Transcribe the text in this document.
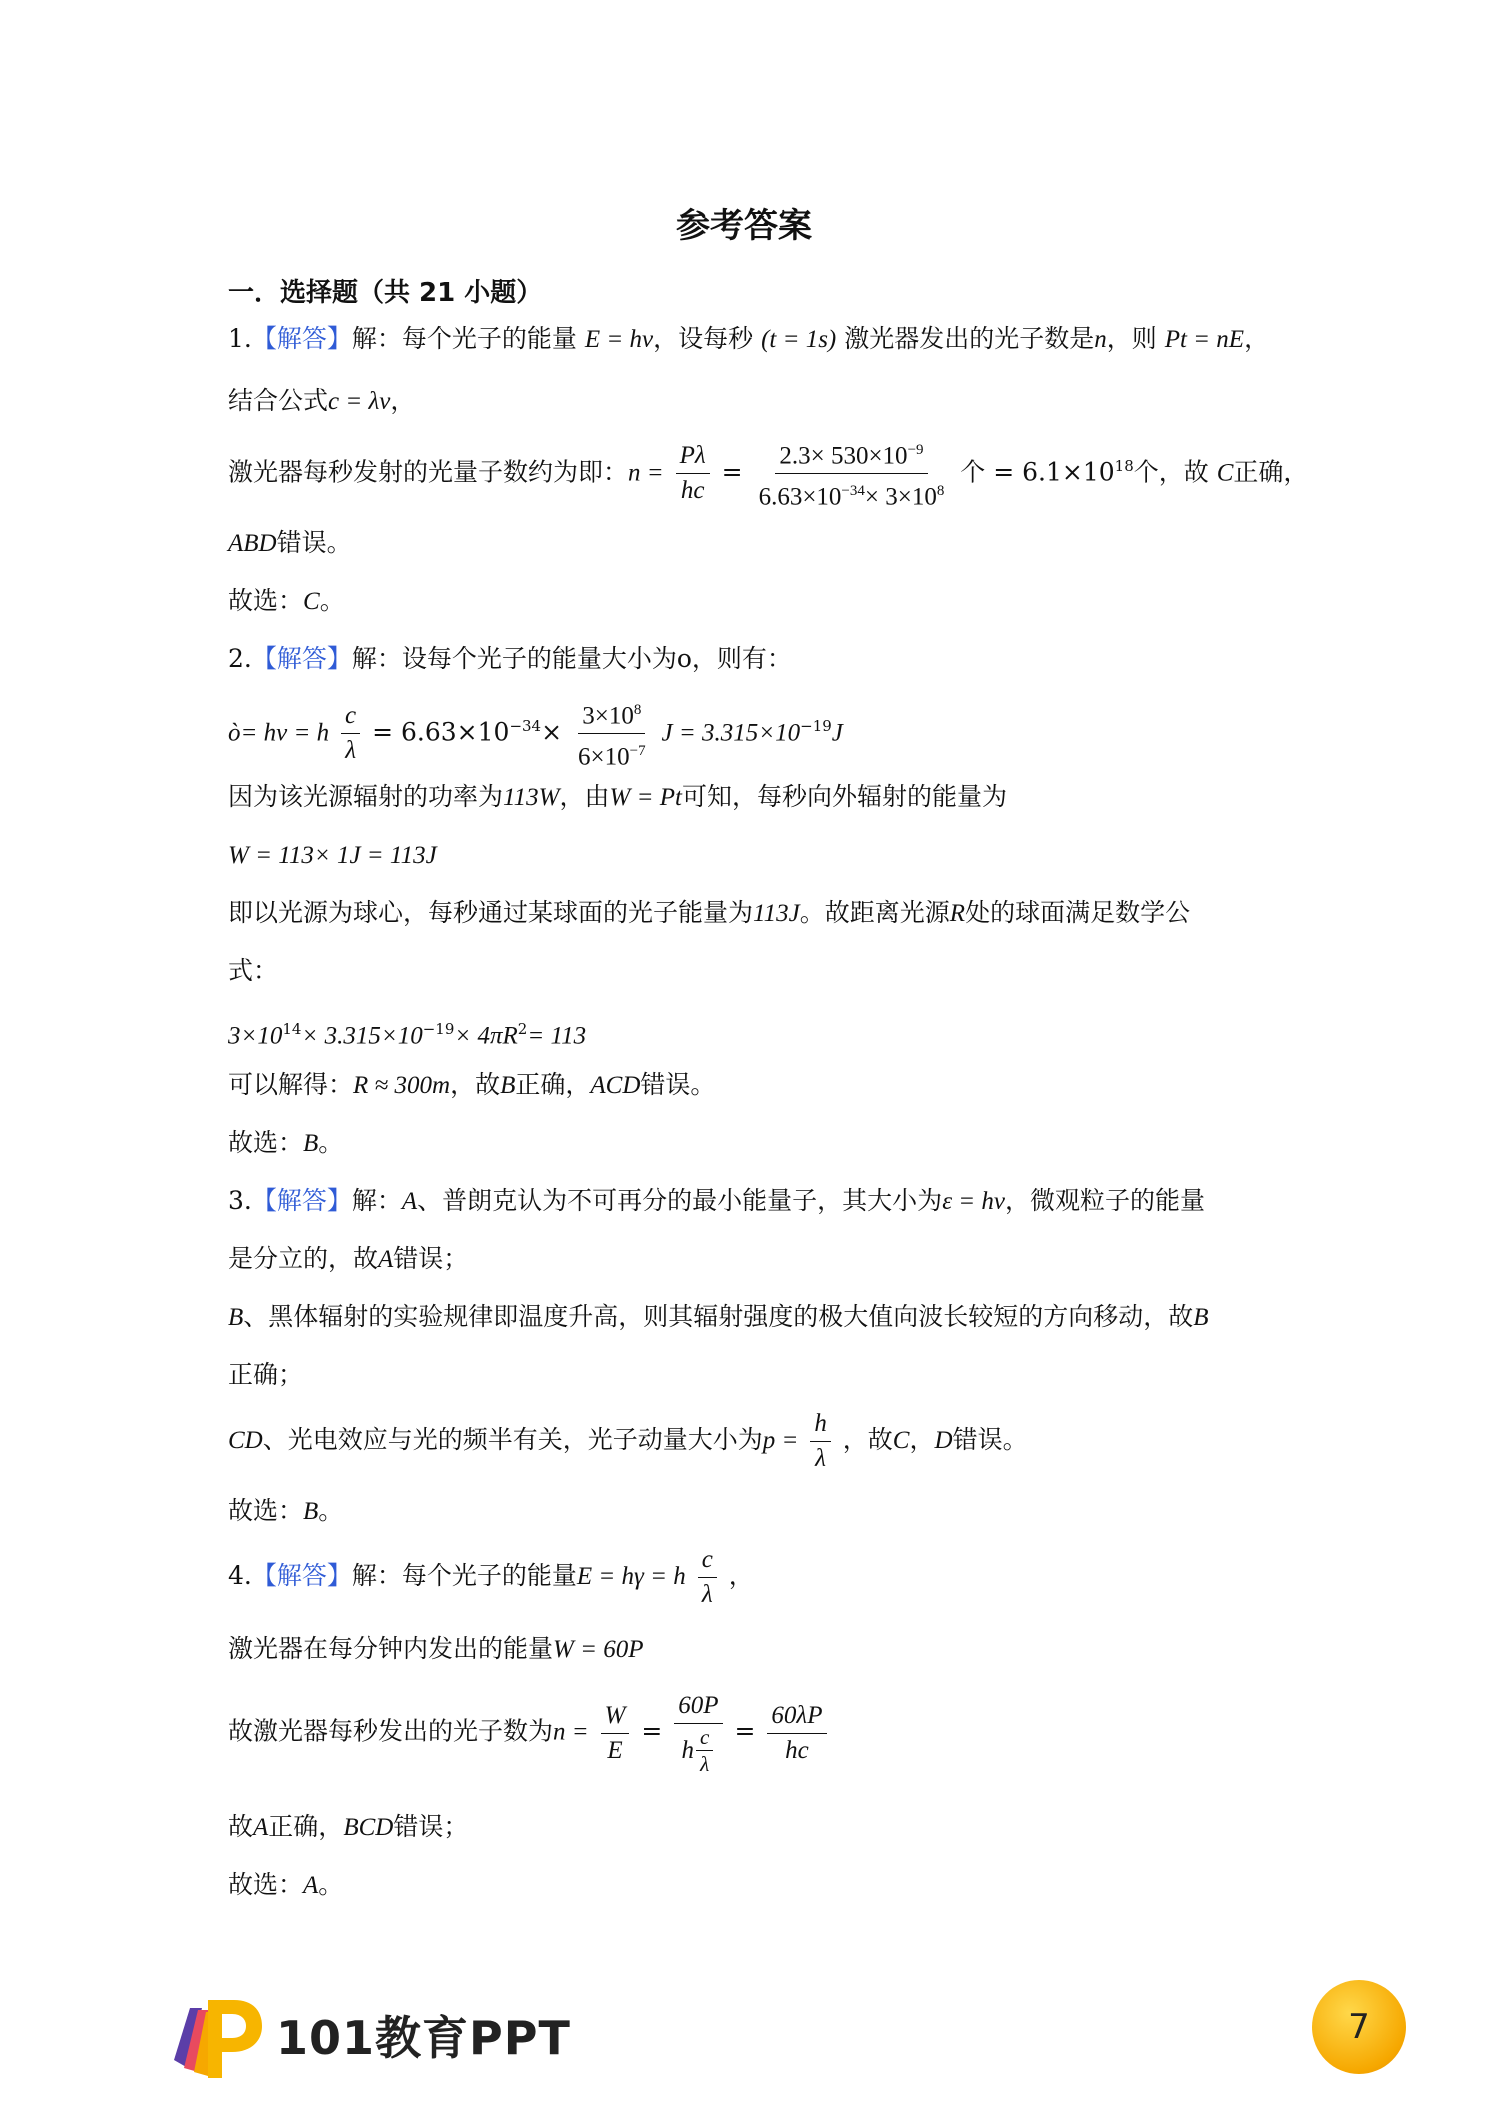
参考答案
一．选择题（共 21 小题）
1.【解答】解：每个光子的能量 E = hν，设每秒 (t = 1s) 激光器发出的光子数是n，则 Pt = nE，
结合公式c = λν，
激光器每秒发射的光量子数约为即：$n = \frac{P\lambda}{hc} = \frac{2.3\times 530\times 10^{-9}}{6.63\times 10^{-34}\times 3\times 10^8}$ 个 = $6.1\times 10^{18}$个，故 C正确，
ABD错误。
故选：C。
2.【解答】解：设每个光子的能量大小为ο，则有：
ò= hν = h $\frac{c}{\lambda} = 6.63\times 10^{-34}\times \frac{3\times 10^8}{6\times 10^{-7}}$ $J = 3.315\times 10^{-19}J$
因为该光源辐射的功率为113W，由W = Pt可知，每秒向外辐射的能量为
W = 113× 1J = 113J
即以光源为球心，每秒通过某球面的光子能量为113J。故距离光源R处的球面满足数学公
式：
$3\times 10^{14}\times 3.315\times 10^{-19}\times 4\pi R^2= 113$
可以解得：R ≈ 300m，故B正确，ACD错误。
故选：B。
3.【解答】解：A、普朗克认为不可再分的最小能量子，其大小为ε = hν，微观粒子的能量
是分立的，故A错误；
B、黑体辐射的实验规律即温度升高，则其辐射强度的极大值向波长较短的方向移动，故B
正确；
CD、光电效应与光的频半有关，光子动量大小为$p = \frac{h}{\lambda}$ ，故C，D错误。
故选：B。
4.【解答】解：每个光子的能量E = hγ = h $\frac{c}{\lambda}$ ，
激光器在每分钟内发出的能量W = 60P
故激光器每秒发出的光子数为$n = \frac{W}{E} = \frac{60P}{h \frac{c}{\lambda}} = \frac{60\lambda P}{hc}$
故A正确，BCD错误；
故选：A。
101教育PPT	7
